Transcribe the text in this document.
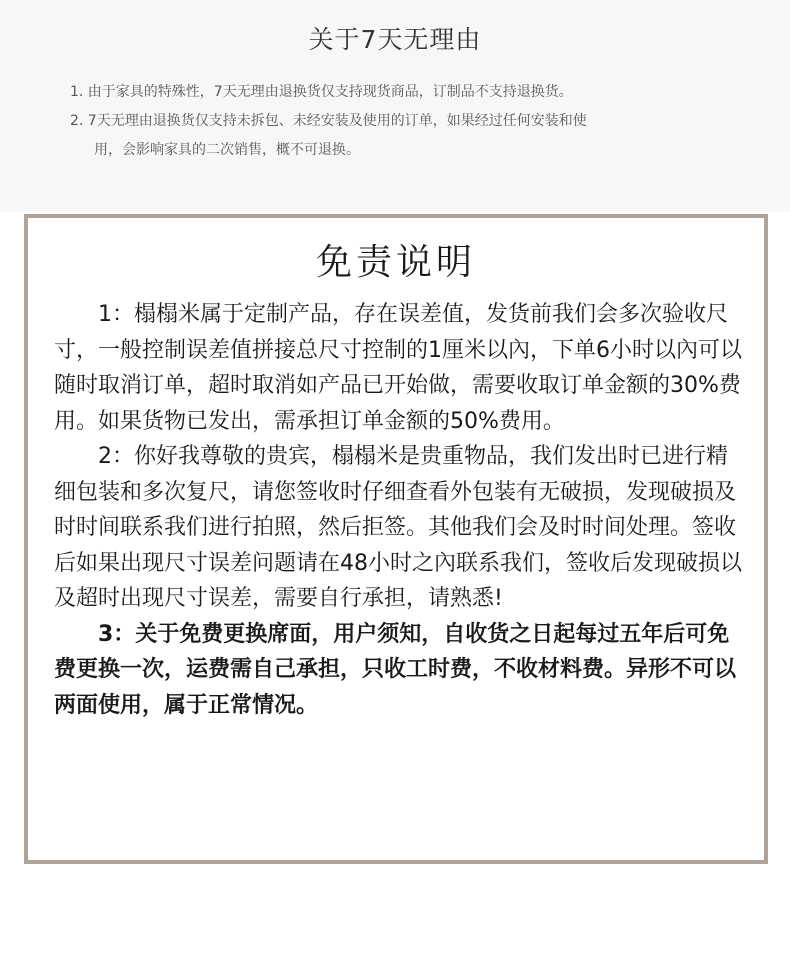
关于7天无理由
1. 由于家具的特殊性，7天无理由退换货仅支持现货商品，订制品不支持退换货。
2. 7天无理由退换货仅支持未拆包、未经安装及使用的订单，如果经过任何安装和使
用，会影响家具的二次销售，概不可退换。
免责说明

1：榻榻米属于定制产品，存在误差值，发货前我们会多次验收尺寸，一般控制误差值拼接总尺寸控制的1厘米以內，下单6小时以內可以随时取消订单，超时取消如产品已开始做，需要收取订单金额的30%费用。如果货物已发出，需承担订单金额的50%费用。

2：你好我尊敬的贵宾，榻榻米是贵重物品，我们发出时已进行精细包装和多次复尺，请您签收时仔细查看外包装有无破损，发现破损及时时间联系我们进行拍照，然后拒签。其他我们会及时时间处理。签收后如果出现尺寸误差问题请在48小时之內联系我们，签收后发现破损以及超时出现尺寸误差，需要自行承担，请熟悉!

3：关于免费更换席面，用户须知，自收货之日起每过五年后可免费更换一次，运费需自己承担，只收工时费，不收材料费。异形不可以两面使用，属于正常情况。
